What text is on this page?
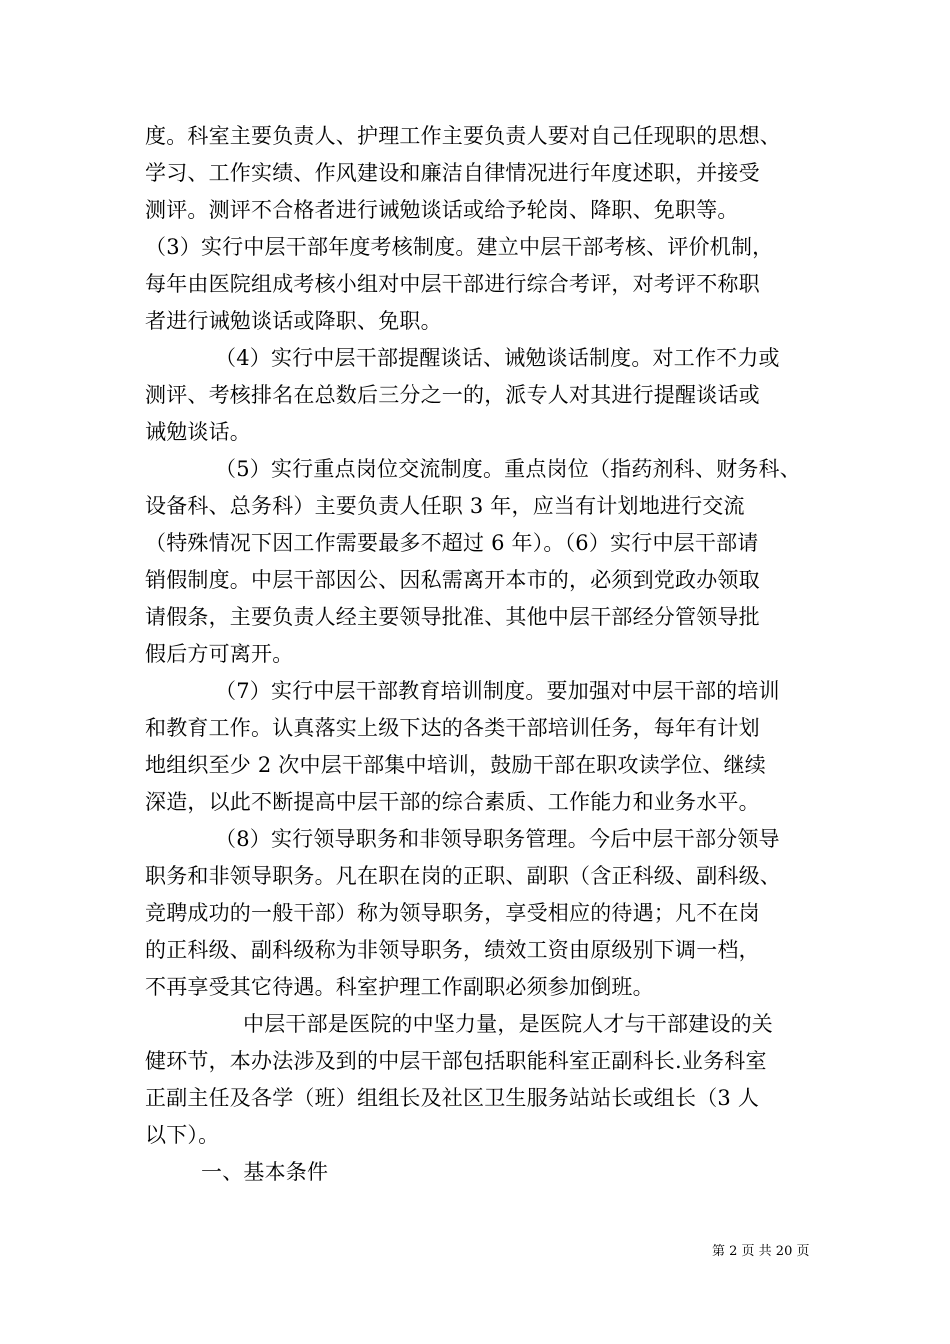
度。科室主要负责人、护理工作主要负责人要对自己任现职的思想、
学习、工作实绩、作风建设和廉洁自律情况进行年度述职，并接受
测评。测评不合格者进行诫勉谈话或给予轮岗、降职、免职等。
（3）实行中层干部年度考核制度。建立中层干部考核、评价机制，
每年由医院组成考核小组对中层干部进行综合考评，对考评不称职
者进行诫勉谈话或降职、免职。
（4）实行中层干部提醒谈话、诫勉谈话制度。对工作不力或
测评、考核排名在总数后三分之一的，派专人对其进行提醒谈话或
诫勉谈话。
（5）实行重点岗位交流制度。重点岗位（指药剂科、财务科、
设备科、总务科）主要负责人任职 3 年，应当有计划地进行交流
（特殊情况下因工作需要最多不超过 6 年）。（6）实行中层干部请
销假制度。中层干部因公、因私需离开本市的，必须到党政办领取
请假条，主要负责人经主要领导批准、其他中层干部经分管领导批
假后方可离开。
（7）实行中层干部教育培训制度。要加强对中层干部的培训
和教育工作。认真落实上级下达的各类干部培训任务，每年有计划
地组织至少 2 次中层干部集中培训，鼓励干部在职攻读学位、继续
深造，以此不断提高中层干部的综合素质、工作能力和业务水平。
（8）实行领导职务和非领导职务管理。今后中层干部分领导
职务和非领导职务。凡在职在岗的正职、副职（含正科级、副科级、
竞聘成功的一般干部）称为领导职务，享受相应的待遇；凡不在岗
的正科级、副科级称为非领导职务，绩效工资由原级别下调一档，
不再享受其它待遇。科室护理工作副职必须参加倒班。
中层干部是医院的中坚力量，是医院人才与干部建设的关
健环节，本办法涉及到的中层干部包括职能科室正副科长.业务科室
正副主任及各学（班）组组长及社区卫生服务站站长或组长（3 人
以下）。
一、基本条件
第 2 页 共 20 页
